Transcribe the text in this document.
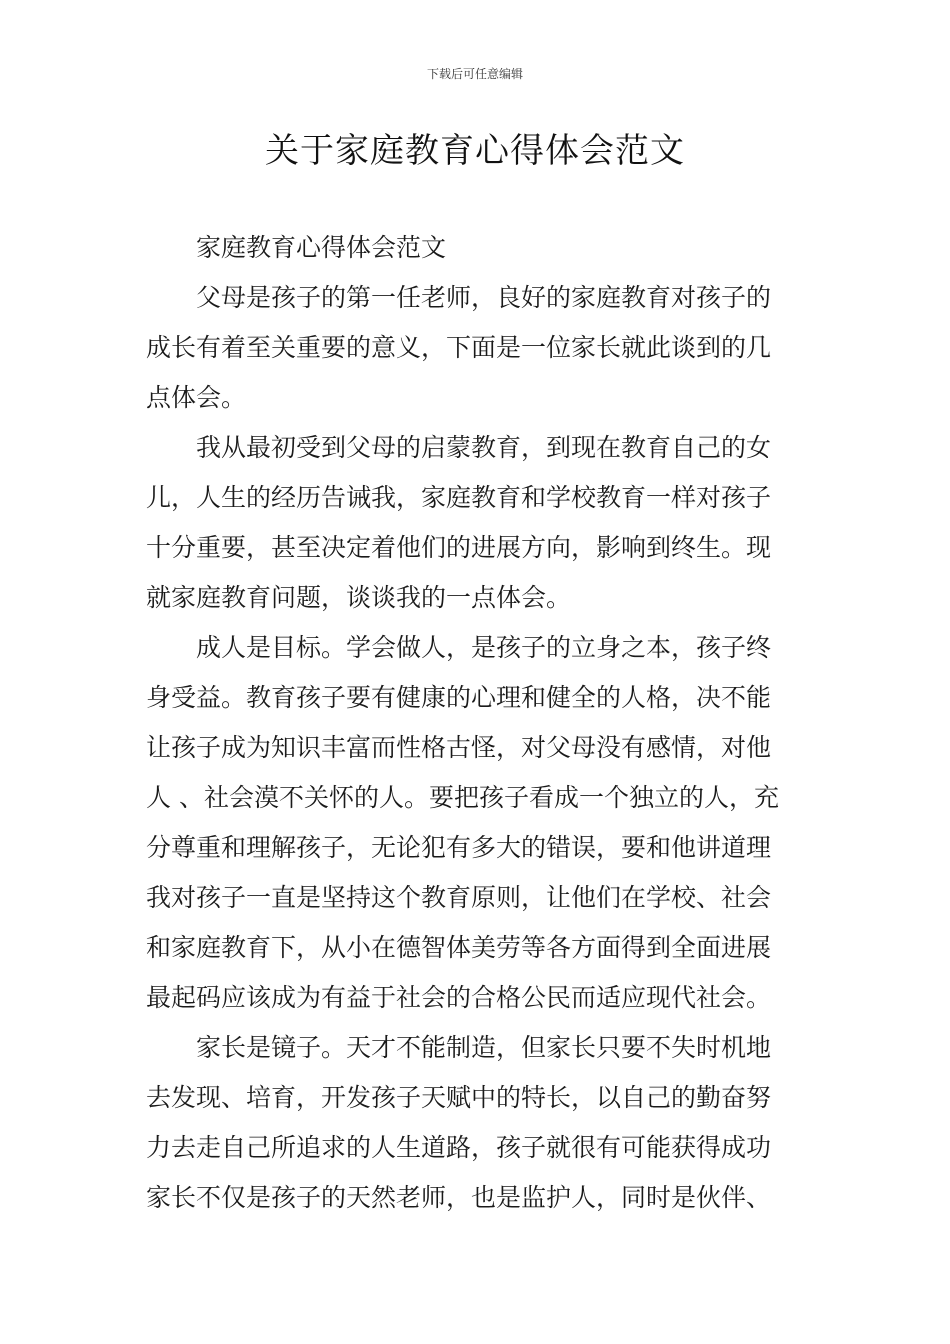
下载后可任意编辑
关于家庭教育心得体会范文
家庭教育心得体会范文
父母是孩子的第一任老师，良好的家庭教育对孩子的
成长有着至关重要的意义，下面是一位家长就此谈到的几
点体会。
我从最初受到父母的启蒙教育，到现在教育自己的女
儿，人生的经历告诫我，家庭教育和学校教育一样对孩子
十分重要，甚至决定着他们的进展方向，影响到终生。现
就家庭教育问题，谈谈我的一点体会。
成人是目标。学会做人，是孩子的立身之本，孩子终
身受益。教育孩子要有健康的心理和健全的人格，决不能
让孩子成为知识丰富而性格古怪，对父母没有感情，对他
人 、社会漠不关怀的人。要把孩子看成一个独立的人，充
分尊重和理解孩子，无论犯有多大的错误，要和他讲道理
我对孩子一直是坚持这个教育原则，让他们在学校、社会
和家庭教育下，从小在德智体美劳等各方面得到全面进展
最起码应该成为有益于社会的合格公民而适应现代社会。
家长是镜子。天才不能制造，但家长只要不失时机地
去发现、培育，开发孩子天赋中的特长，以自己的勤奋努
力去走自己所追求的人生道路，孩子就很有可能获得成功
家长不仅是孩子的天然老师，也是监护人，同时是伙伴、
